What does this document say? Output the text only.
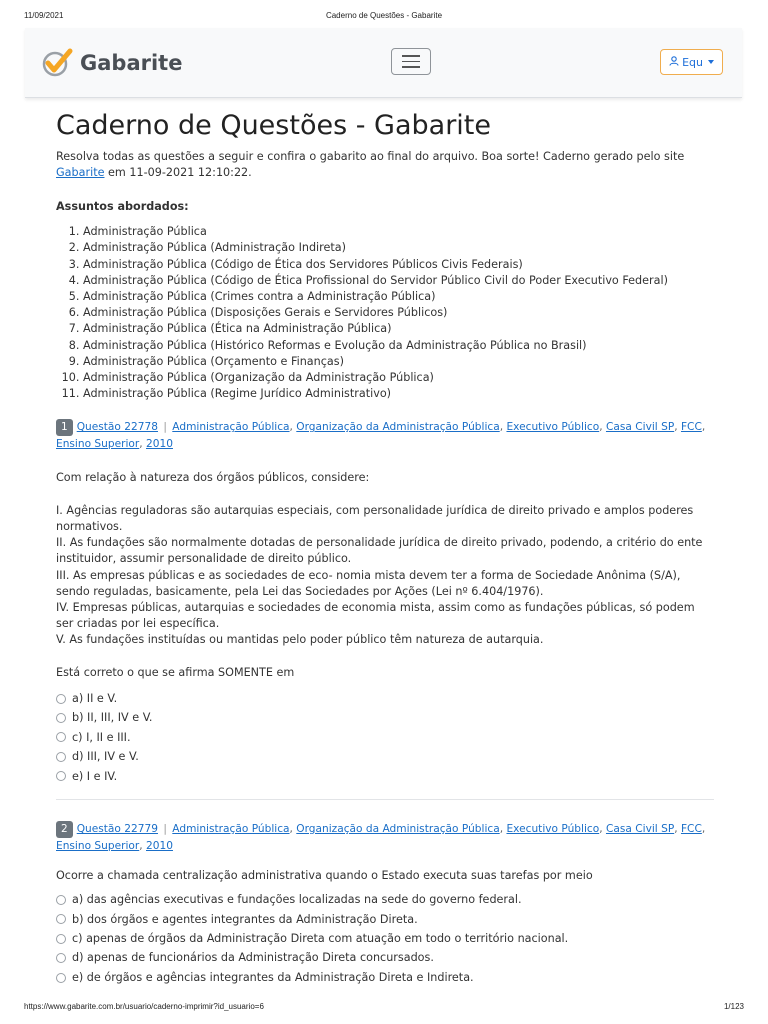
11/09/2021	Caderno de Questões - Gabarite
Gabarite	Equ
Caderno de Questões - Gabarite

Resolva todas as questões a seguir e confira o gabarito ao final do arquivo. Boa sorte! Caderno gerado pelo site Gabarite em 11-09-2021 12:10:22.

Assuntos abordados:
1. Administração Pública
2. Administração Pública (Administração Indireta)
3. Administração Pública (Código de Ética dos Servidores Públicos Civis Federais)
4. Administração Pública (Código de Ética Profissional do Servidor Público Civil do Poder Executivo Federal)
5. Administração Pública (Crimes contra a Administração Pública)
6. Administração Pública (Disposições Gerais e Servidores Públicos)
7. Administração Pública (Ética na Administração Pública)
8. Administração Pública (Histórico Reformas e Evolução da Administração Pública no Brasil)
9. Administração Pública (Orçamento e Finanças)
10. Administração Pública (Organização da Administração Pública)
11. Administração Pública (Regime Jurídico Administrativo)
1 Questão 22778 | Administração Pública, Organização da Administração Pública, Executivo Público, Casa Civil SP, FCC, Ensino Superior, 2010

Com relação à natureza dos órgãos públicos, considere:

I. Agências reguladoras são autarquias especiais, com personalidade jurídica de direito privado e amplos poderes normativos.

II. As fundações são normalmente dotadas de personalidade jurídica de direito privado, podendo, a critério do ente instituidor, assumir personalidade de direito público.

III. As empresas públicas e as sociedades de eco- nomia mista devem ter a forma de Sociedade Anônima (S/A), sendo reguladas, basicamente, pela Lei das Sociedades por Ações (Lei nº 6.404/1976).

IV. Empresas públicas, autarquias e sociedades de economia mista, assim como as fundações públicas, só podem ser criadas por lei específica.

V. As fundações instituídas ou mantidas pelo poder público têm natureza de autarquia.

Está correto o que se afirma SOMENTE em

a) II e V.
b) II, III, IV e V.
c) I, II e III.
d) III, IV e V.
e) I e IV.
2 Questão 22779 | Administração Pública, Organização da Administração Pública, Executivo Público, Casa Civil SP, FCC, Ensino Superior, 2010

Ocorre a chamada centralização administrativa quando o Estado executa suas tarefas por meio

a) das agências executivas e fundações localizadas na sede do governo federal.
b) dos órgãos e agentes integrantes da Administração Direta.
c) apenas de órgãos da Administração Direta com atuação em todo o território nacional.
d) apenas de funcionários da Administração Direta concursados.
e) de órgãos e agências integrantes da Administração Direta e Indireta.
https://www.gabarite.com.br/usuario/caderno-imprimir?id_usuario=6	1/123
